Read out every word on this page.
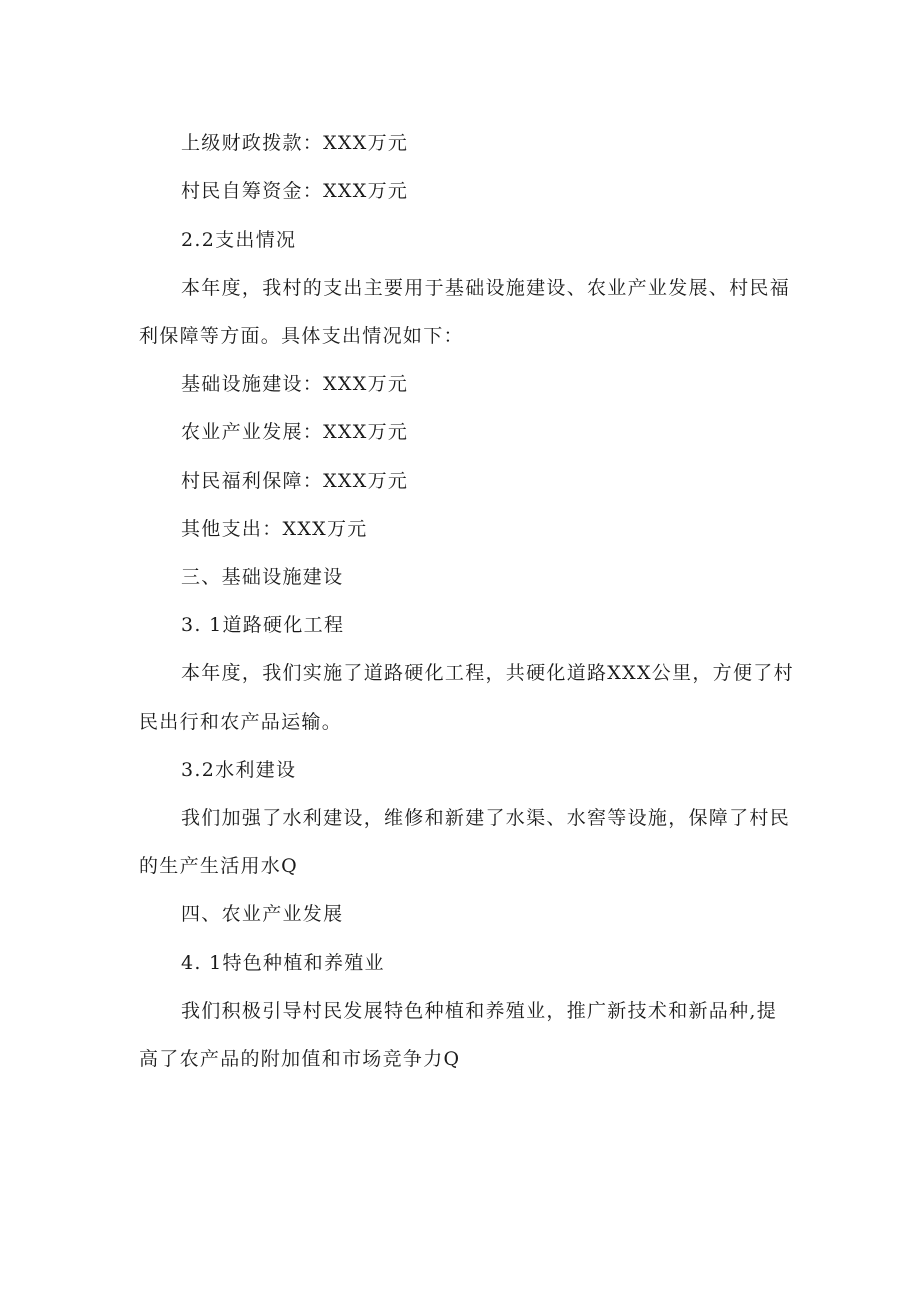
上级财政拨款：XXX万元
村民自筹资金：XXX万元
2.2支出情况
本年度，我村的支出主要用于基础设施建设、农业产业发展、村民福
利保障等方面。具体支出情况如下：
基础设施建设：XXX万元
农业产业发展：XXX万元
村民福利保障：XXX万元
其他支出：XXX万元
三、基础设施建设
3. 1道路硬化工程
本年度，我们实施了道路硬化工程，共硬化道路XXX公里，方便了村
民出行和农产品运输。
3.2水利建设
我们加强了水利建设，维修和新建了水渠、水窖等设施，保障了村民
的生产生活用水Q
四、农业产业发展
4. 1特色种植和养殖业
我们积极引导村民发展特色种植和养殖业，推广新技术和新品种,提
高了农产品的附加值和市场竞争力Q
